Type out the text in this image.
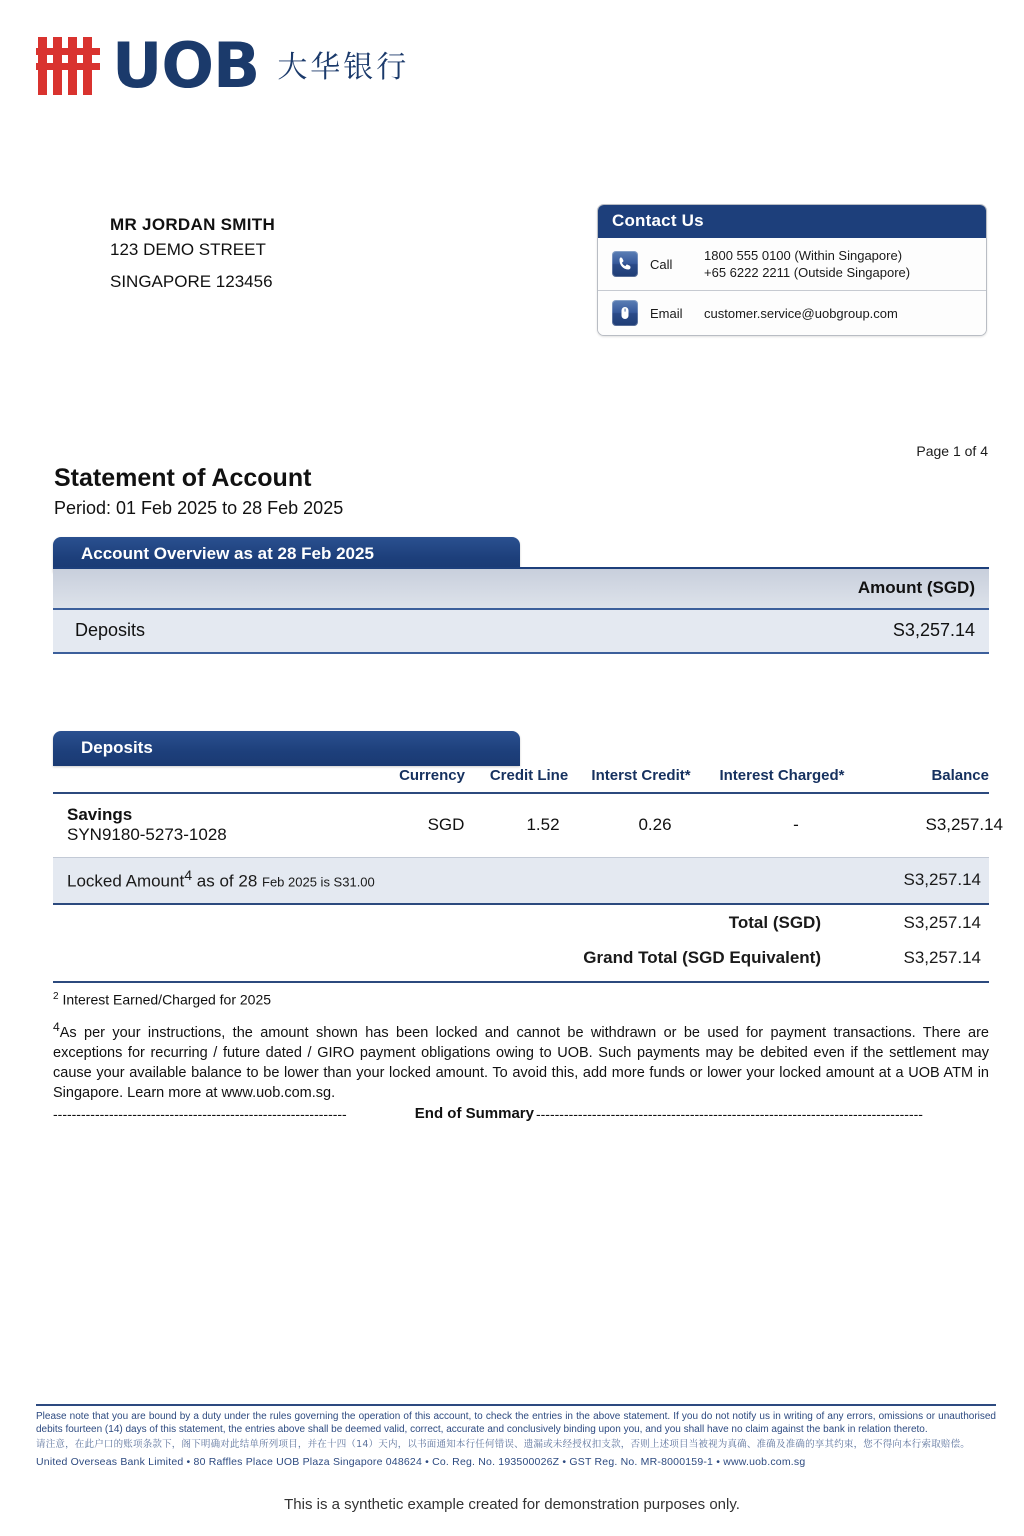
UOB 大华银行
MR JORDAN SMITH
123 DEMO STREET
SINGAPORE 123456
Contact Us
Call
1800 555 0100 (Within Singapore)
+65 6222 2211 (Outside Singapore)
Email	customer.service@uobgroup.com
Page 1 of 4
Statement of Account
Period: 01 Feb 2025 to 28 Feb 2025
Account Overview as at 28 Feb 2025
Amount (SGD)
Deposits	S3,257.14
Deposits
Currency	Credit Line	Interst Credit*	Interest Charged*	Balance
Savings
SYN9180-5273-1028
SGD	1.52	0.26	-	S3,257.14
Locked Amount$^4$ as of 28 Feb 2025 is S31.00	S3,257.14
Total (SGD)	S3,257.14
Grand Total (SGD Equivalent)	S3,257.14
$^2$ Interest Earned/Charged for 2025
$^4$As per your instructions, the amount shown has been locked and cannot be withdrawn or be used for payment transactions. There are exceptions for recurring / future dated / GIRO payment obligations owing to UOB. Such payments may be debited even if the settlement may cause your available balance to be lower than your locked amount. To avoid this, add more funds or lower your locked amount at a UOB ATM in Singapore. Learn more at www.uob.com.sg.
---------------------------------------------------------------	End of Summary -----------------------------------------------------------------------------------

Please note that you are bound by a duty under the rules governing the operation of this account, to check the entries in the above statement. If you do not notify us in writing of any errors, omissions or unauthorised debits fourteen (14) days of this statement, the entries above shall be deemed valid, correct, accurate and conclusively binding upon you, and you shall have no claim against the bank in relation thereto.

请注意，在此户口的账项条款下，阁下明确对此结单所列项目，并在十四（14）天内，以书面通知本行任何错误、遗漏或未经授权扣支款，否则上述项目当被视为真确、准确及准确的享其约束，您不得向本行索取赔偿。

United Overseas Bank Limited • 80 Raffles Place UOB Plaza Singapore 048624 • Co. Reg. No. 193500026Z • GST Reg. No. MR-8000159-1 • www.uob.com.sg

This is a synthetic example created for demonstration purposes only.
